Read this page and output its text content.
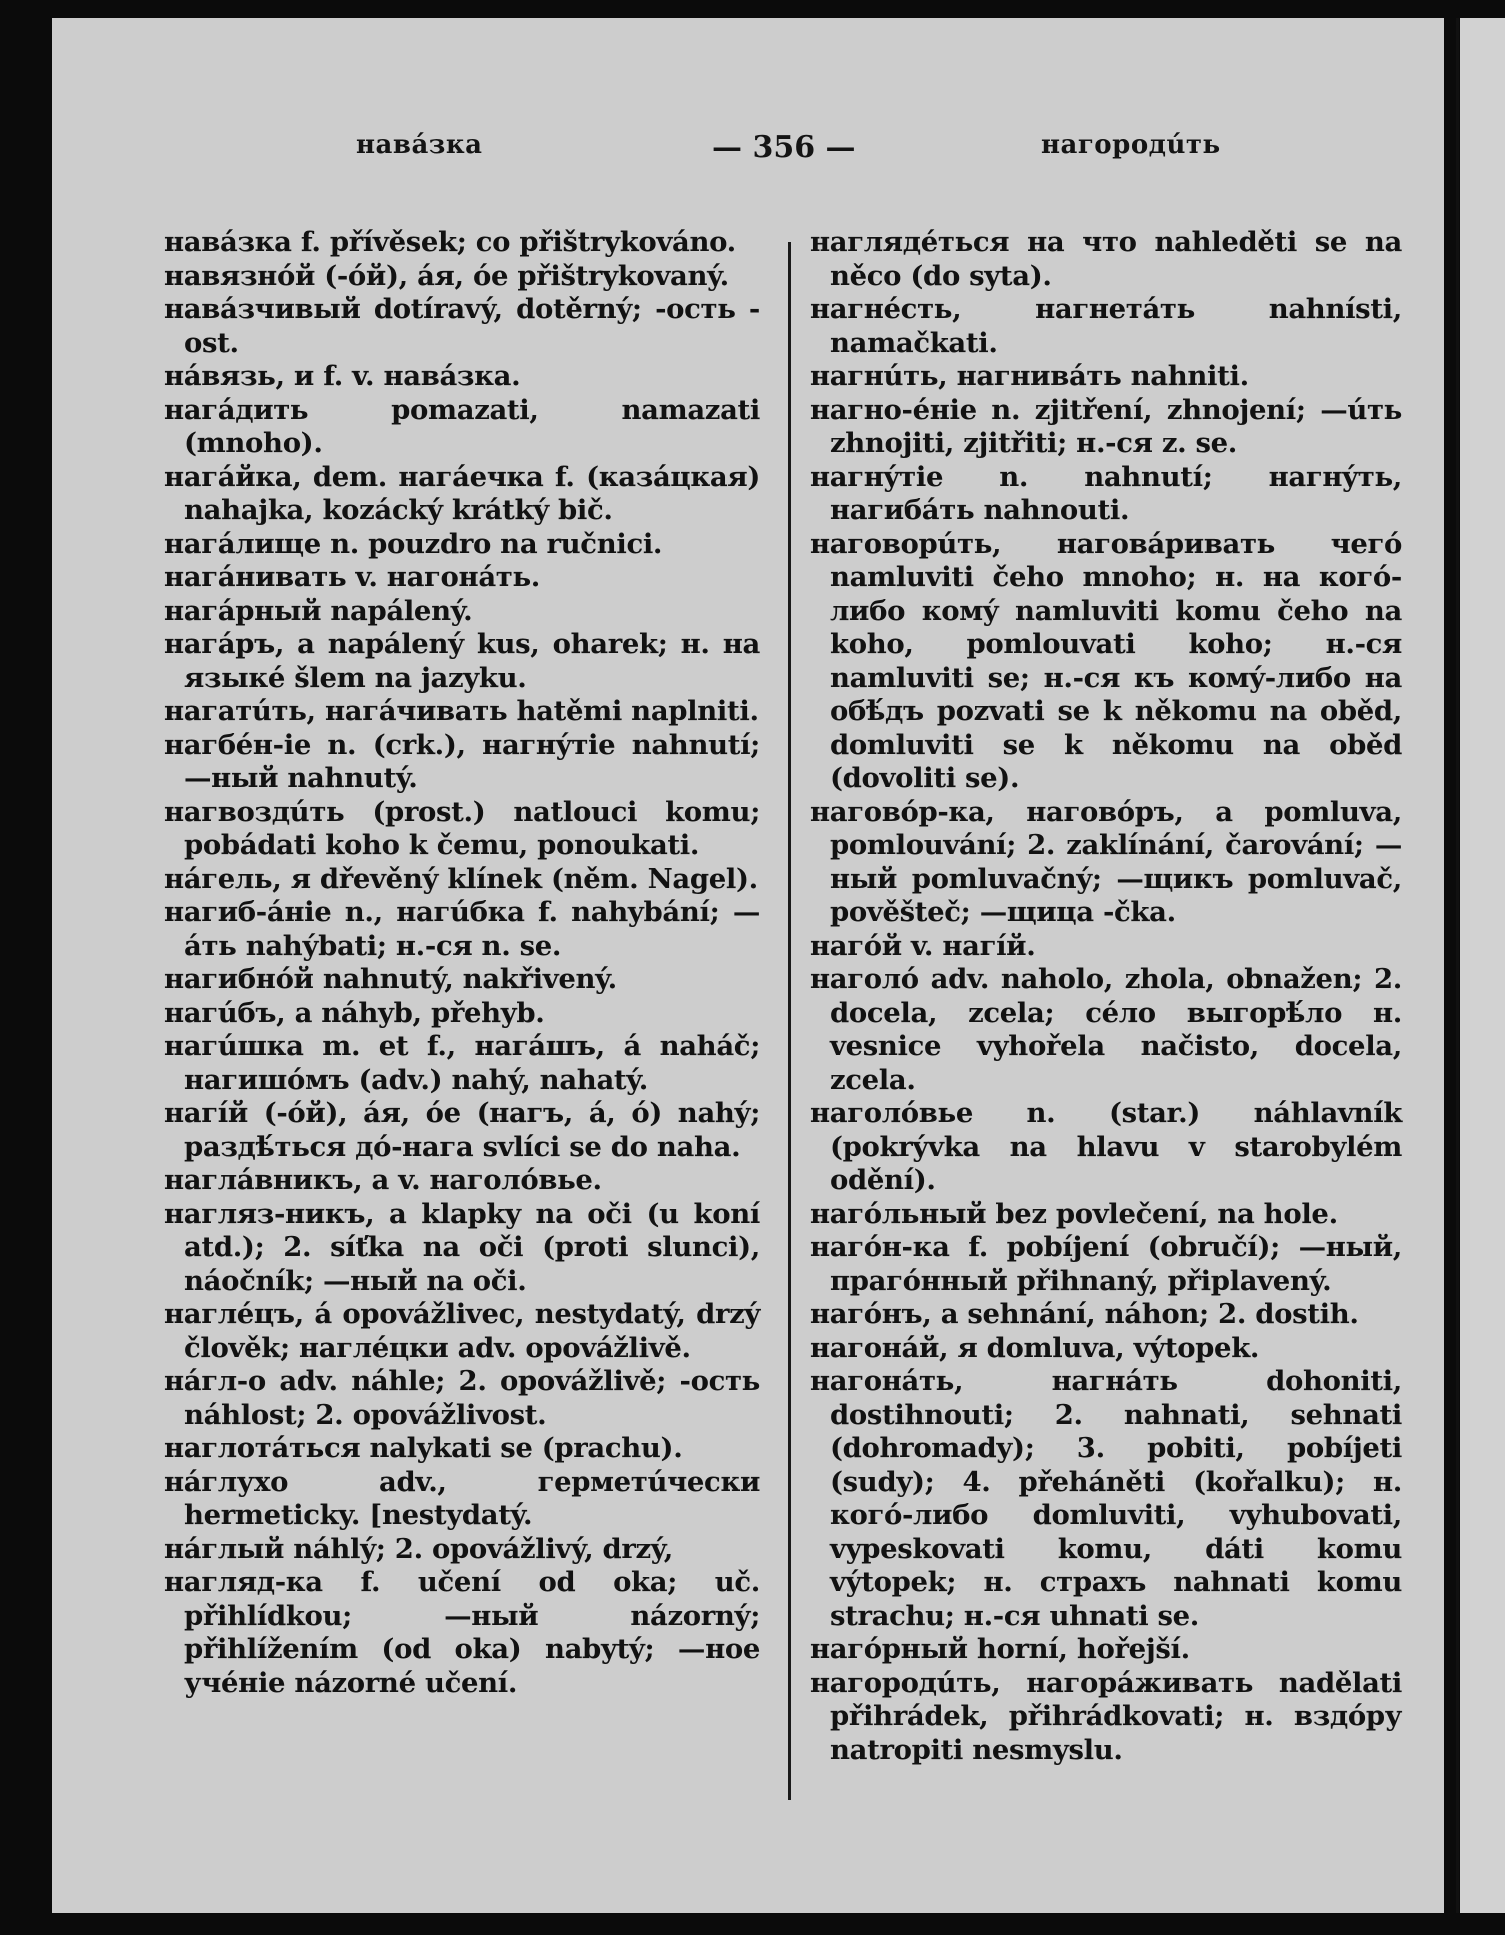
навáзка	— 356 —	нагородúть

навáзка f. přívěsek; co přištrykováno.

навязнóй (-óй), áя, óе přištrykovaný.

навáзчивый dotíravý, dotěrný; -ость -ost.

нáвязь, и f. v. навáзка.

нагáдить pomazati, namazati (mnoho).

нагáйка, dem. нагáечка f. (казáцкая) nahajka, kozácký krátký bič.

нагáлище n. pouzdro na ručnici.

нагáнивать v. нагонáть.

нагáрный napálený.

нагáръ, а napálený kus, oharek; н. на языкé šlem na jazyku.

нагатúть, нагáчивать hatěmi naplniti.

нагбéн-іе n. (crk.), нагнýтіе nahnutí; —ный nahnutý.

нагвоздúть (prost.) natlouci komu; pobádati koho k čemu, ponoukati.

нáгель, я dřevěný klínek (něm. Nagel).

нагиб-áніе n., нагúбка f. nahybání; —áть nahýbati; н.-ся n. se.

нагибнóй nahnutý, nakřivený.

нагúбъ, а náhyb, přehyb.

нагúшка m. et f., нагáшъ, á naháč; нагишóмъ (adv.) nahý, nahatý.

нагíй (-óй), áя, óе (нагъ, á, ó) nahý; раздѣ́ться дó-нага svlíci se do naha.

наглáвникъ, а v. наголóвье.

нагляз-никъ, а klapky na oči (u koní atd.); 2. síťka na oči (proti slunci), náočník; —ный na oči.

наглéцъ, á opovážlivec, nestydatý, drzý člověk; наглéцки adv. opovážlivě.

нáгл-о adv. náhle; 2. opovážlivě; -ость náhlost; 2. opovážlivost.

наглотáться nalykati se (prachu).

нáглухо adv., герметúчески hermeticky. [nestydatý.

нáглый náhlý; 2. opovážlivý, drzý,

нагляд-ка f. učení od oka; uč. přihlídkou; —ный názorný; přihlížením (od oka) nabytý; —ное учéніе názorné učení.

наглядéться на что nahleděti se na něco (do syta).

нагнéсть, нагнетáть nahnísti, namačkati.

нагнúть, нагнивáть nahniti.

нагно-éніе n. zjitření, zhnojení; —úть zhnojiti, zjitřiti; н.-ся z. se.

нагнýтіе n. nahnutí; нагнýть, нагибáть nahnouti.

наговорúть, наговáривать чегó namluviti čeho mnoho; н. на когó-либо комý namluviti komu čeho na koho, pomlouvati koho; н.-ся namluviti se; н.-ся къ комý-либо на обѣ́дъ pozvati se k někomu na oběd, domluviti se k někomu na oběd (dovoliti se).

наговóр-ка, наговóръ, а pomluva, pomlouvání; 2. zaklínání, čarování; —ный pomluvačný; —щикъ pomluvač, pověšteč; —щица -čka.

нагóй v. нагíй.

наголó adv. naholo, zhola, obnažen; 2. docela, zcela; сéло выгорѣ́ло н. vesnice vyhořela načisto, docela, zcela.

наголóвье n. (star.) náhlavník (pokrývka na hlavu v starobylém odění).

нагóльный bez povlečení, na hole.

нагóн-ка f. pobíjení (obručí); —ный, прагóнный přihnaný, připlavený.

нагóнъ, а sehnání, náhon; 2. dostih.

нагонáй, я domluva, výtopek.

нагонáть, нагнáть dohoniti, dostihnouti; 2. nahnati, sehnati (dohromady); 3. pobiti, pobíjeti (sudy); 4. přeháněti (kořalku); н. когó-либо domluviti, vyhubovati, vypeskovati komu, dáti komu výtopek; н. страхъ nahnati komu strachu; н.-ся uhnati se.

нагóрный horní, hořejší.

нагородúть, нагорáживать nadělati přihrádek, přihrádkovati; н. вздóру natropiti nesmyslu.
